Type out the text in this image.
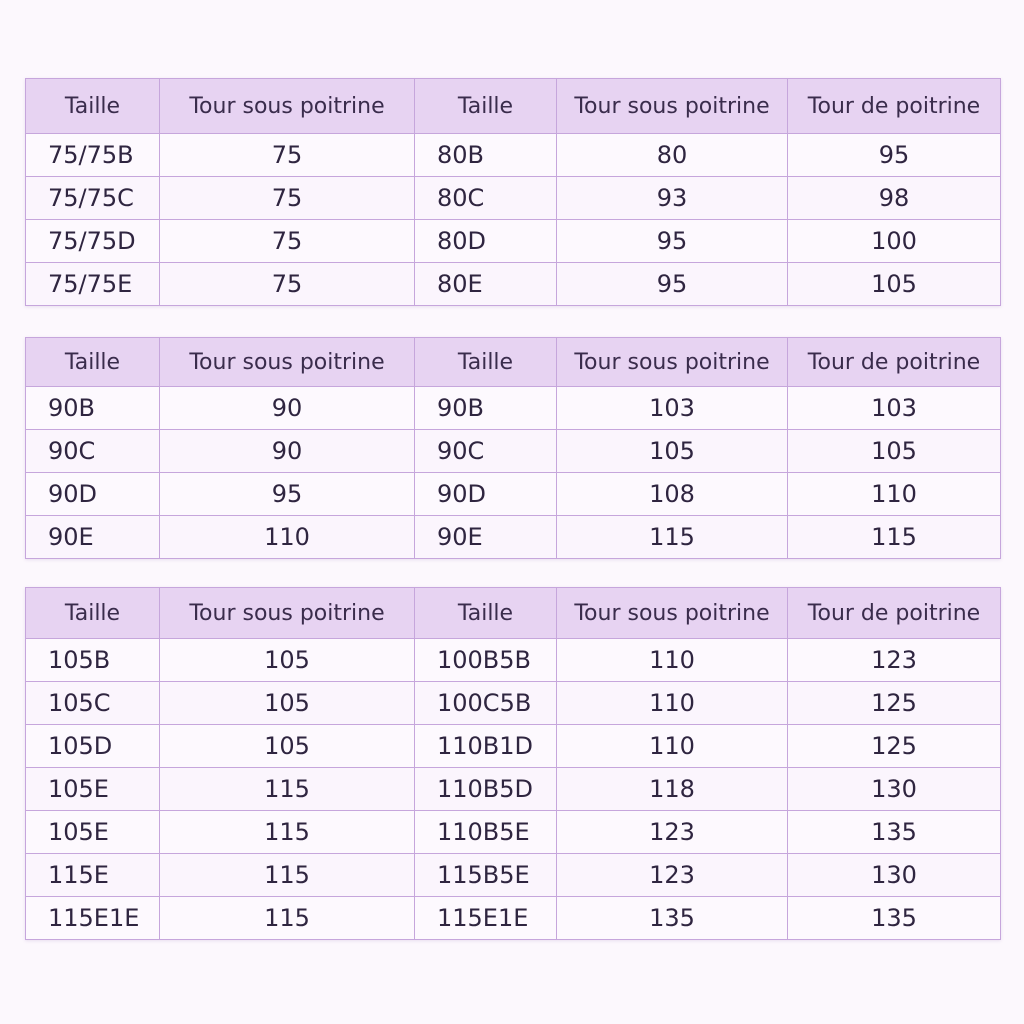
Taille	Tour sous poitrine	Taille	Tour sous poitrine	Tour de poitrine
75/75B	75	80B	80	95
75/75C	75	80C	93	98
75/75D	75	80D	95	100
75/75E	75	80E	95	105
Taille	Tour sous poitrine	Taille	Tour sous poitrine	Tour de poitrine
90B	90	90B	103	103
90C	90	90C	105	105
90D	95	90D	108	110
90E	110	90E	115	115
Taille	Tour sous poitrine	Taille	Tour sous poitrine	Tour de poitrine
105B	105	100B5B	110	123
105C	105	100C5B	110	125
105D	105	110B1D	110	125
105E	115	110B5D	118	130
105E	115	110B5E	123	135
115E	115	115B5E	123	130
115E1E	115	115E1E	135	135
